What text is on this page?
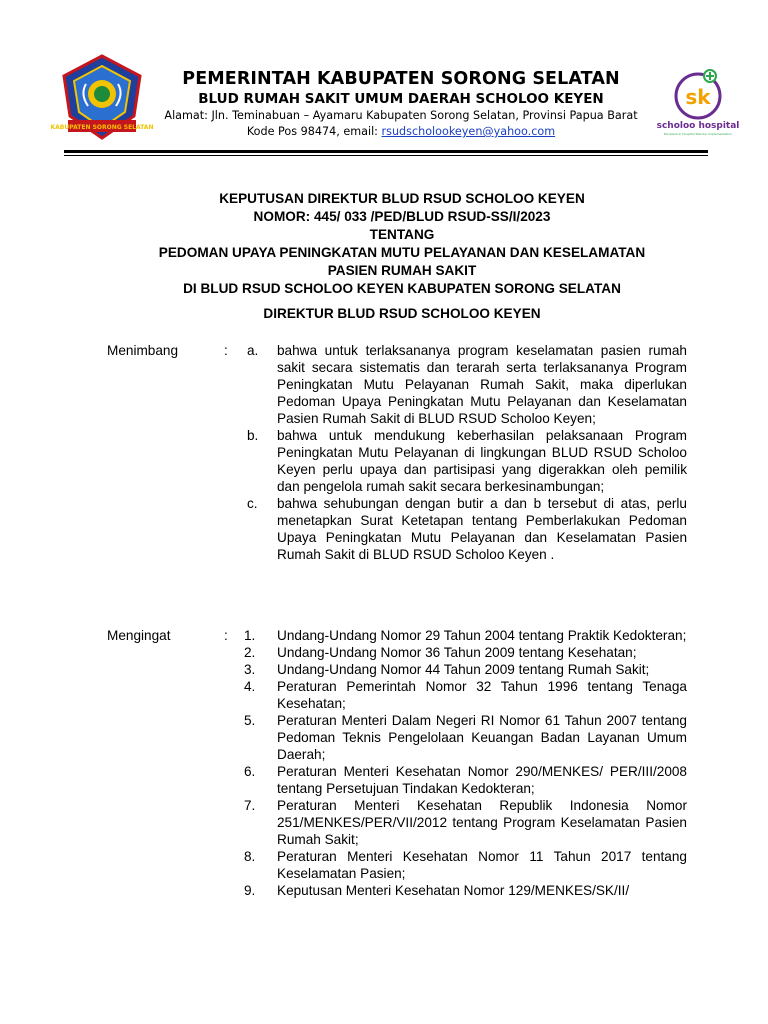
KABUPATEN SORONG SELATAN
PEMERINTAH KABUPATEN SORONG SELATAN
BLUD RUMAH SAKIT UMUM DAERAH SCHOLOO KEYEN
Alamat: Jln. Teminabuan – Ayamaru Kabupaten Sorong Selatan, Provinsi Papua Barat
Kode Pos 98474, email: rsudscholookeyen@yahoo.com
sk
scholoo hospital
Excellent in Hospital Standar Implementation
KEPUTUSAN DIREKTUR BLUD RSUD SCHOLOO KEYEN
NOMOR: 445/ 033 /PED/BLUD RSUD-SS/I/2023
TENTANG
PEDOMAN UPAYA PENINGKATAN MUTU PELAYANAN DAN KESELAMATAN
PASIEN RUMAH SAKIT
DI BLUD RSUD SCHOLOO KEYEN KABUPATEN SORONG SELATAN
DIREKTUR BLUD RSUD SCHOLOO KEYEN
Menimbang	: a. bahwa untuk terlaksananya program keselamatan pasien rumah sakit secara sistematis dan terarah serta terlaksananya Program Peningkatan Mutu Pelayanan Rumah Sakit, maka diperlukan Pedoman Upaya Peningkatan Mutu Pelayanan dan Keselamatan Pasien Rumah Sakit di BLUD RSUD Scholoo Keyen;
b. bahwa untuk mendukung keberhasilan pelaksanaan Program Peningkatan Mutu Pelayanan di lingkungan BLUD RSUD Scholoo Keyen perlu upaya dan partisipasi yang digerakkan oleh pemilik dan pengelola rumah sakit secara berkesinambungan;
c. bahwa sehubungan dengan butir a dan b tersebut di atas, perlu menetapkan Surat Ketetapan tentang Pemberlakukan Pedoman Upaya Peningkatan Mutu Pelayanan dan Keselamatan Pasien Rumah Sakit di BLUD RSUD Scholoo Keyen .
Mengingat	: 1. Undang-Undang Nomor 29 Tahun 2004 tentang Praktik Kedokteran;
2. Undang-Undang Nomor 36 Tahun 2009 tentang Kesehatan;
3. Undang-Undang Nomor 44 Tahun 2009 tentang Rumah Sakit;
4. Peraturan Pemerintah Nomor 32 Tahun 1996 tentang Tenaga Kesehatan;
5. Peraturan Menteri Dalam Negeri RI Nomor 61 Tahun 2007 tentang Pedoman Teknis Pengelolaan Keuangan Badan Layanan Umum Daerah;
6. Peraturan Menteri Kesehatan Nomor 290/MENKES/ PER/III/2008 tentang Persetujuan Tindakan Kedokteran;
7. Peraturan Menteri Kesehatan Republik Indonesia Nomor 251/MENKES/PER/VII/2012 tentang Program Keselamatan Pasien Rumah Sakit;
8. Peraturan Menteri Kesehatan Nomor 11 Tahun 2017 tentang Keselamatan Pasien;
9. Keputusan Menteri Kesehatan Nomor 129/MENKES/SK/II/
